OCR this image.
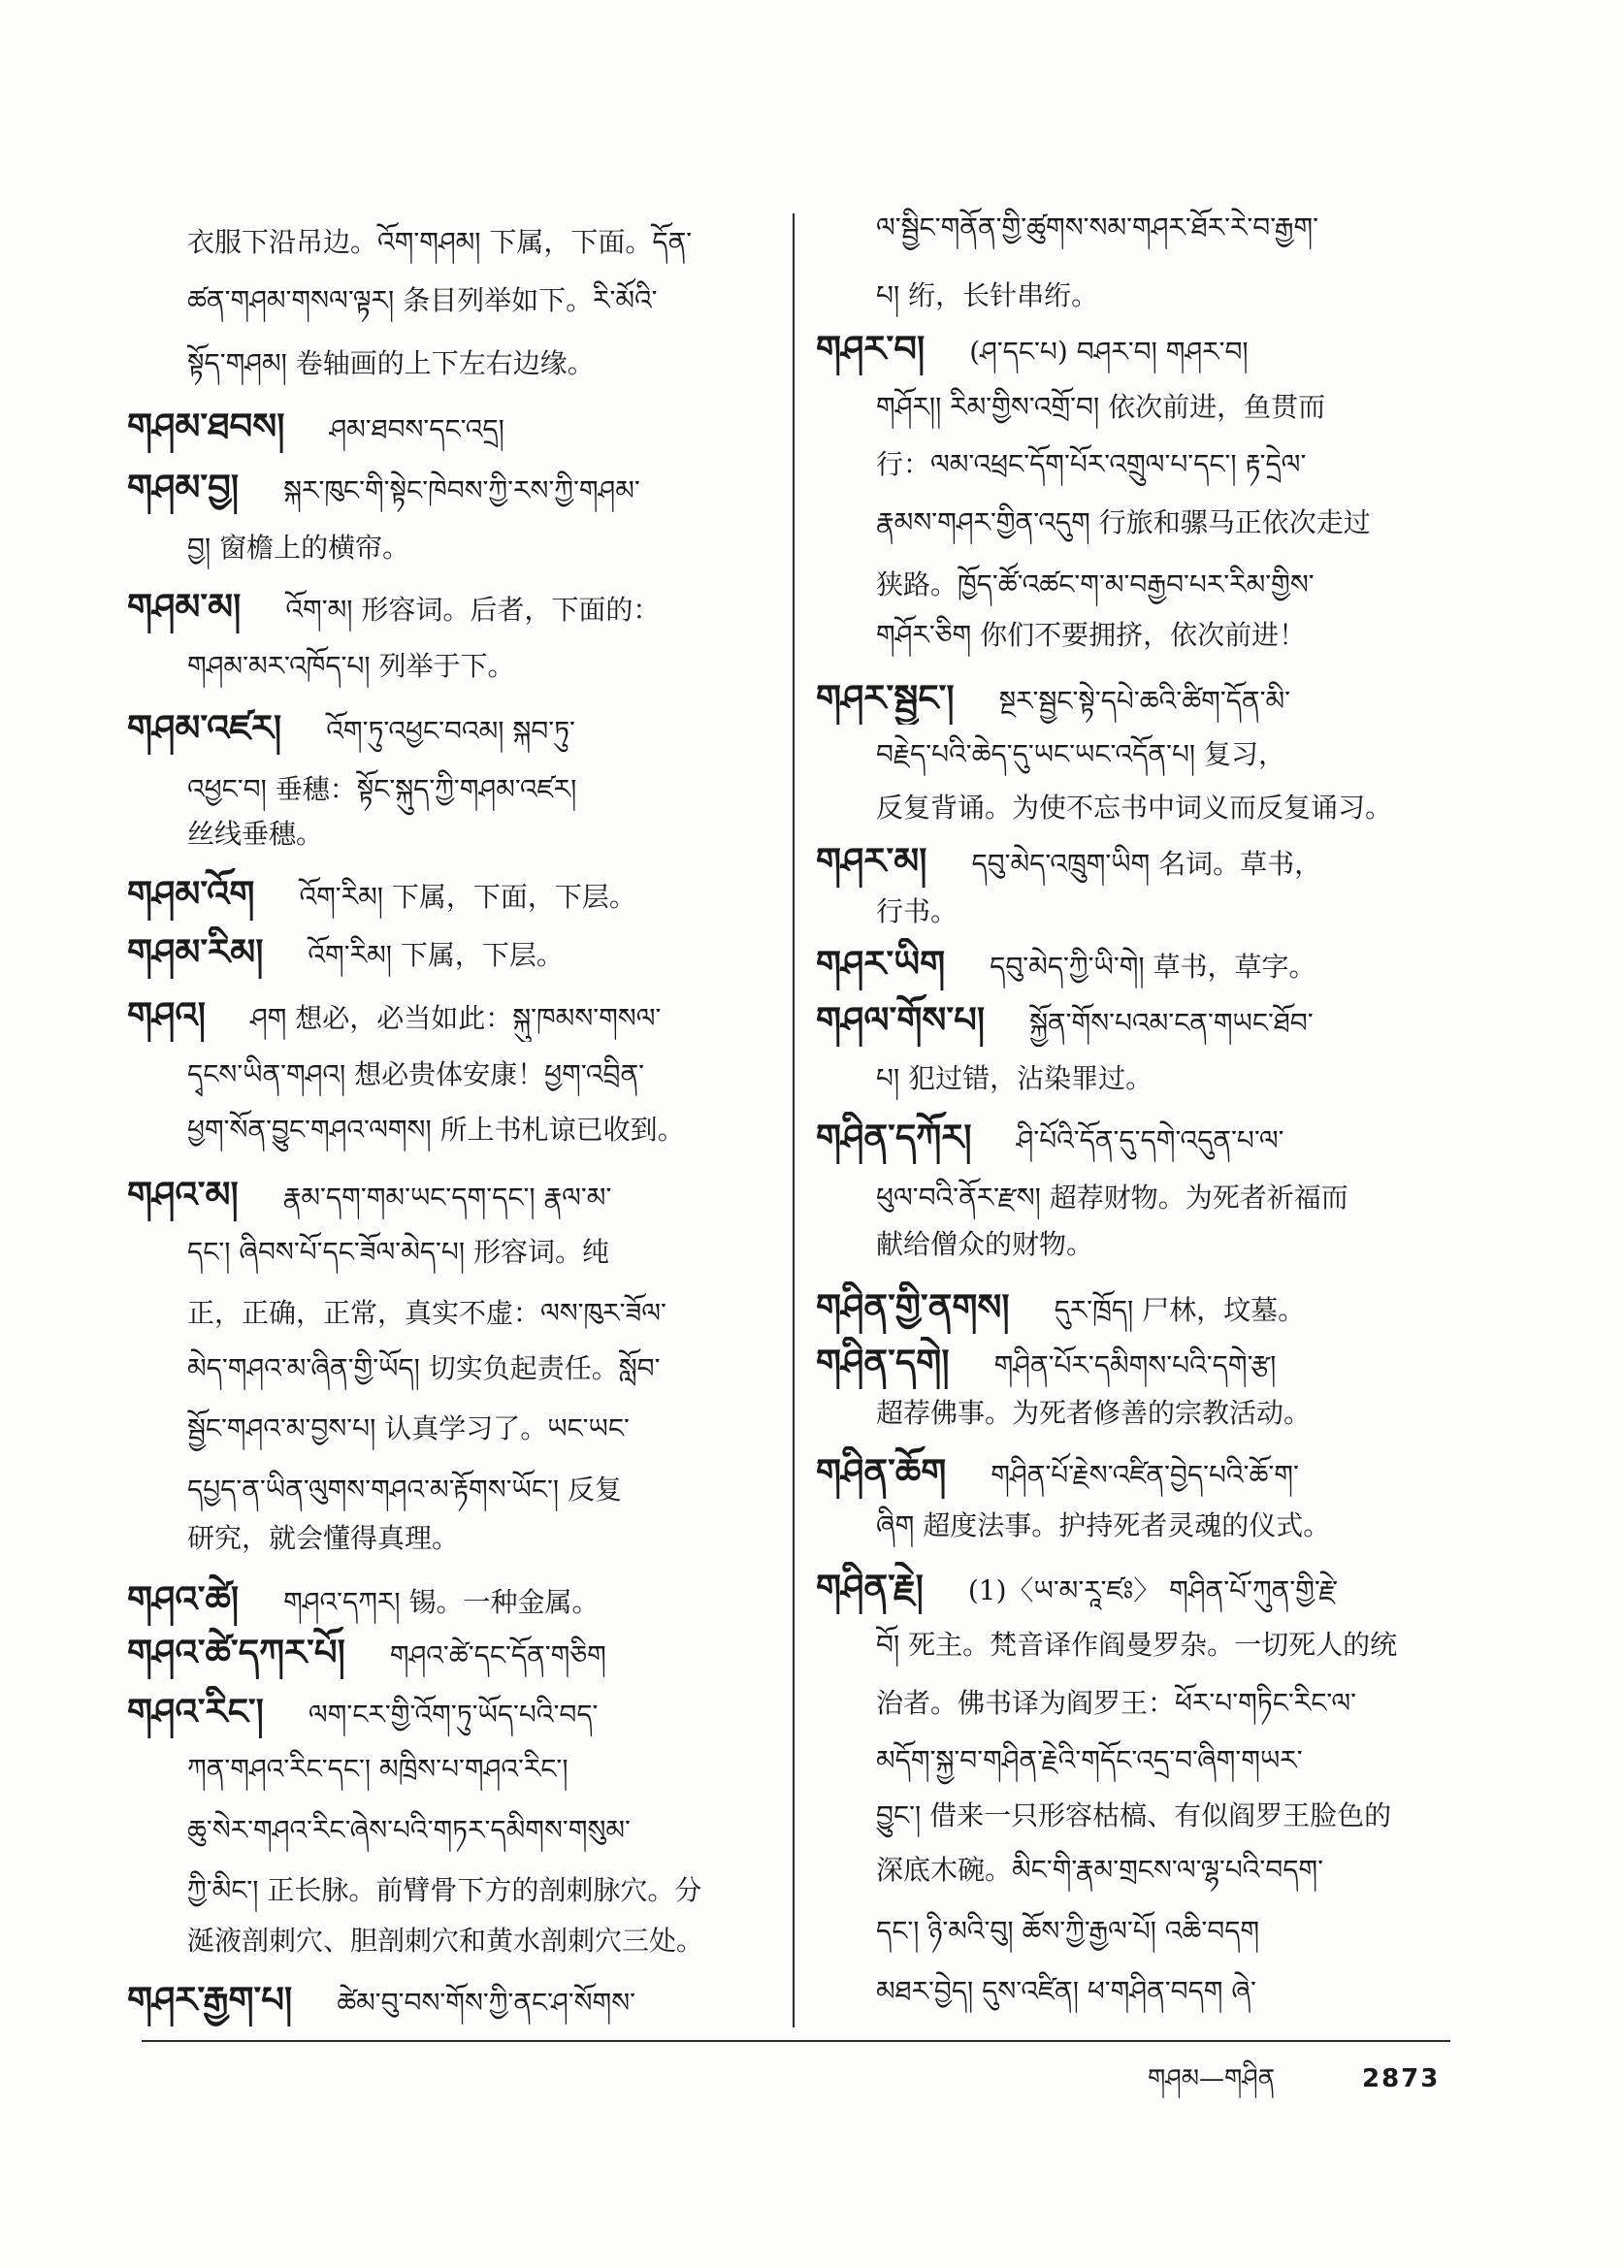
衣服下沿吊边。འོག་གཤམ། 下属，下面。དོན་
ཚན་གཤམ་གསལ་ལྟར། 条目列举如下。རི་མོའི་
སྟོད་གཤམ། 卷轴画的上下左右边缘。
གཤམ་ཐབས། ཤམ་ཐབས་དང་འདྲ།
གཤམ་བྱ། སྐར་ཁུང་གི་སྟེང་ཁེབས་ཀྱི་རས་ཀྱི་གཤམ་
བྱ། 窗檐上的横帘。
གཤམ་མ། འོག་མ། 形容词。后者，下面的：
གཤམ་མར་འཁོད་པ། 列举于下。
གཤམ་འཛར། འོག་ཏུ་འཕྱང་བའམ། སྐབ་ཏུ་
འཕྱང་བ། 垂穗：སྟོང་སྐུད་ཀྱི་གཤམ་འཛར།
丝线垂穗。
གཤམ་འོག འོག་རིམ། 下属，下面，下层。
གཤམ་རིམ། འོག་རིམ། 下属，下层。
གཤའ། ཤག 想必，必当如此：སྐུ་ཁམས་གསལ་
དྭངས་ཡིན་གཤའ། 想必贵体安康！ཕྱག་འབྲིན་
ཕྱག་སོན་བྱུང་གཤའ་ལགས། 所上书札谅已收到。
གཤའ་མ། རྣམ་དག་གམ་ཡང་དག་དང་། རྣལ་མ་
དང་། ཞིབས་པོ་དང་ཟོལ་མེད་པ། 形容词。纯
正，正确，正常，真实不虚：ལས་ཁུར་ཟོལ་
མེད་གཤའ་མ་ཞིན་གྱི་ཡོད། 切实负起责任。སློབ་
སྦྱོང་གཤའ་མ་བྱས་པ། 认真学习了。ཡང་ཡང་
དཔྱད་ན་ཡིན་ལུགས་གཤའ་མ་རྟོགས་ཡོང་། 反复
研究，就会懂得真理。
གཤའ་ཚེ། གཤའ་དཀར། 锡。一种金属。
གཤའ་ཚེ་དཀར་པོ། གཤའ་ཚེ་དང་དོན་གཅིག
གཤའ་རིང་། ལག་ངར་གྱི་འོག་ཏུ་ཡོད་པའི་བད་
ཀན་གཤའ་རིང་དང་། མཁྲིས་པ་གཤའ་རིང་།
ཆུ་སེར་གཤའ་རིང་ཞེས་པའི་གཏར་དམིགས་གསུམ་
ཀྱི་མིང་། 正长脉。前臂骨下方的剖刺脉穴。分
涎液剖刺穴、胆剖刺穴和黄水剖刺穴三处。
གཤར་རྒྱག་པ། ཚེམ་བུ་བས་གོས་ཀྱི་ནང་ཤ་སོགས་
ལ་སྦྱིང་གནོན་གྱི་ཚུགས་སམ་གཤར་ཐོར་རེ་བ་རྒྱག་
པ། 绗，长针串绗。
གཤར་བ། (ཤ་དང་པ) བཤར་བ། གཤར་བ།
གཤོར།། རིམ་གྱིས་འགྲོ་བ། 依次前进，鱼贯而
行：ལམ་འཕྲང་དོག་པོར་འགྲུལ་པ་དང་། རྟ་དྲེལ་
རྣམས་གཤར་གྱིན་འདུག 行旅和骡马正依次走过
狭路。ཁྱོད་ཚོ་འཚང་ག་མ་བརྒྱབ་པར་རིམ་གྱིས་
གཤོར་ཅིག 你们不要拥挤，依次前进！
གཤར་སྦྱང་། སྔར་སྦྱང་སྟེ་དཔེ་ཆའི་ཚིག་དོན་མི་
བརྗེད་པའི་ཆེད་དུ་ཡང་ཡང་འདོན་པ། 复习，
反复背诵。为使不忘书中词义而反复诵习。
གཤར་མ། དབུ་མེད་འཁྲུག་ཡིག 名词。草书，
行书。
གཤར་ཡིག དབུ་མེད་ཀྱི་ཡི་གེ། 草书，草字。
གཤལ་གོས་པ། སྐྱོན་གོས་པའམ་ངན་གཡང་ཐོབ་
པ། 犯过错，沾染罪过。
གཤིན་དཀོར། ཤི་པོའི་དོན་དུ་དགེ་འདུན་པ་ལ་
ཕུལ་བའི་ནོར་རྫས། 超荐财物。为死者祈福而
献给僧众的财物。
གཤིན་གྱི་ནགས། དུར་ཁྲོད། 尸林，坟墓。
གཤིན་དགེ། གཤིན་པོར་དམིགས་པའི་དགེ་རྩ།
超荐佛事。为死者修善的宗教活动。
གཤིན་ཆོག གཤིན་པོ་རྗེས་འཛིན་བྱེད་པའི་ཆོ་ག་
ཞིག 超度法事。护持死者灵魂的仪式。
གཤིན་རྗེ། (1)〈ཡ་མ་རཱ་ཛཿ〉 གཤིན་པོ་ཀུན་གྱི་རྗེ་
བོ། 死主。梵音译作阎曼罗杂。一切死人的统
治者。佛书译为阎罗王：ཕོར་པ་གཏིང་རིང་ལ་
མདོག་སྐྱ་བ་གཤིན་རྗེའི་གདོང་འདྲ་བ་ཞིག་གཡར་
བྱུང་། 借来一只形容枯槁、有似阎罗王脸色的
深底木碗。མིང་གི་རྣམ་གྲངས་ལ་ལྷ་པའི་བདག་
དང་། ཉི་མའི་བུ། ཆོས་ཀྱི་རྒྱལ་པོ། འཆི་བདག
མཐར་བྱེད། དུས་འཛིན། ཕ་གཤིན་བདག ཞེ་
གཤམ—གཤིན	2873
